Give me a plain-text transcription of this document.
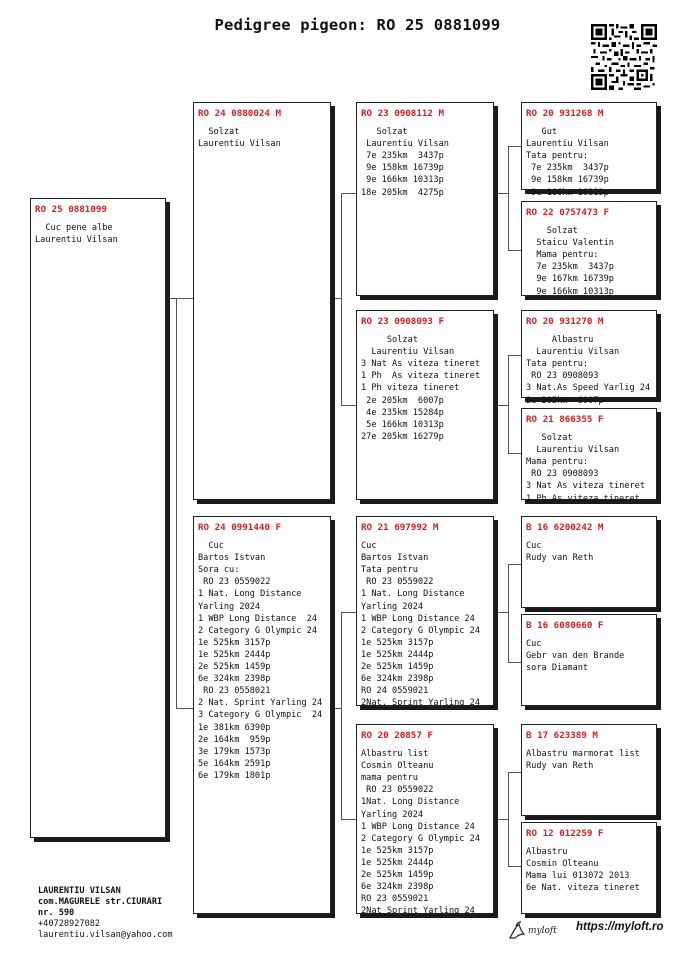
Pedigree pigeon: RO 25 0881099
RO 25 0881099
Cuc pene albe
Laurentiu Vilsan
RO 24 0880024 M
Solzat
Laurentiu Vilsan
RO 24 0991440 F
Cuc
Bartos Istvan
Sora cu:
RO 23 0559022
1 Nat. Long Distance
Yarling 2024
1 WBP Long Distance  24
2 Category G Olympic 24
1e 525km 3157p
1e 525km 2444p
2e 525km 1459p
6e 324km 2398p
RO 23 0558021
2 Nat. Sprint Yarling 24
3 Category G Olympic  24
1e 381km 6390p
2e 164km  959p
3e 179km 1573p
5e 164km 2591p
6e 179km 1801p
RO 23 0908112 M
Solzat
Laurentiu Vilsan
7e 235km  3437p
9e 158km 16739p
9e 166km 10313p
18e 205km  4275p
RO 23 0908093 F
Solzat
Laurentiu Vilsan
3 Nat As viteza tineret
1 Ph  As viteza tineret
1 Ph viteza tineret
2e 205km  6007p
4e 235km 15284p
5e 166km 10313p
27e 205km 16279p
RO 21 697992 M
Cuc
Bartos Istvan
Tata pentru
RO 23 0559022
1 Nat. Long Distance
Yarling 2024
1 WBP Long Distance 24
2 Category G Olympic 24
1e 525km 3157p
1e 525km 2444p
2e 525km 1459p
6e 324km 2398p
RO 24 0559021
2Nat. Sprint Yarling 24
RO 20 20857 F
Albastru list
Cosmin Olteanu
mama pentru
RO 23 0559022
1Nat. Long Distance
Yarling 2024
1 WBP Long Distance 24
2 Category G Olympic 24
1e 525km 3157p
1e 525km 2444p
2e 525km 1459p
6e 324km 2398p
RO 23 0559021
2Nat Sprint Yarling 24
RO 20 931268 M
Gut
Laurentiu Vilsan
Tata pentru:
7e 235km  3437p
9e 158km 16739p
9e 166km 10313p
RO 22 0757473 F
Solzat
Staicu Valentin
Mama pentru:
7e 235km  3437p
9e 167km 16739p
9e 166km 10313p
RO 20 931270 M
Albastru
Laurentiu Vilsan
Tata pentru:
RO 23 0908093
3 Nat.As Speed Yarlig 24
2e 205km  6007p
RO 21 866355 F
Solzat
Laurentiu Vilsan
Mama pentru:
RO 23 0908093
3 Nat As viteza tineret
1 Ph As viteza tineret
B 16 6200242 M
Cuc
Rudy van Reth
B 16 6080660 F
Cuc
Gebr van den Brande
sora Diamant
B 17 623389 M
Albastru marmorat list
Rudy van Reth
RO 12 012259 F
Albastru
Cosmin Olteanu
Mama lui 013072 2013
6e Nat. viteza tineret
LAURENTIU VILSAN
com.MAGURELE str.CIURARI
nr. 590
+40728927082
laurentiu.vilsan@yahoo.com	myloft https://myloft.ro
